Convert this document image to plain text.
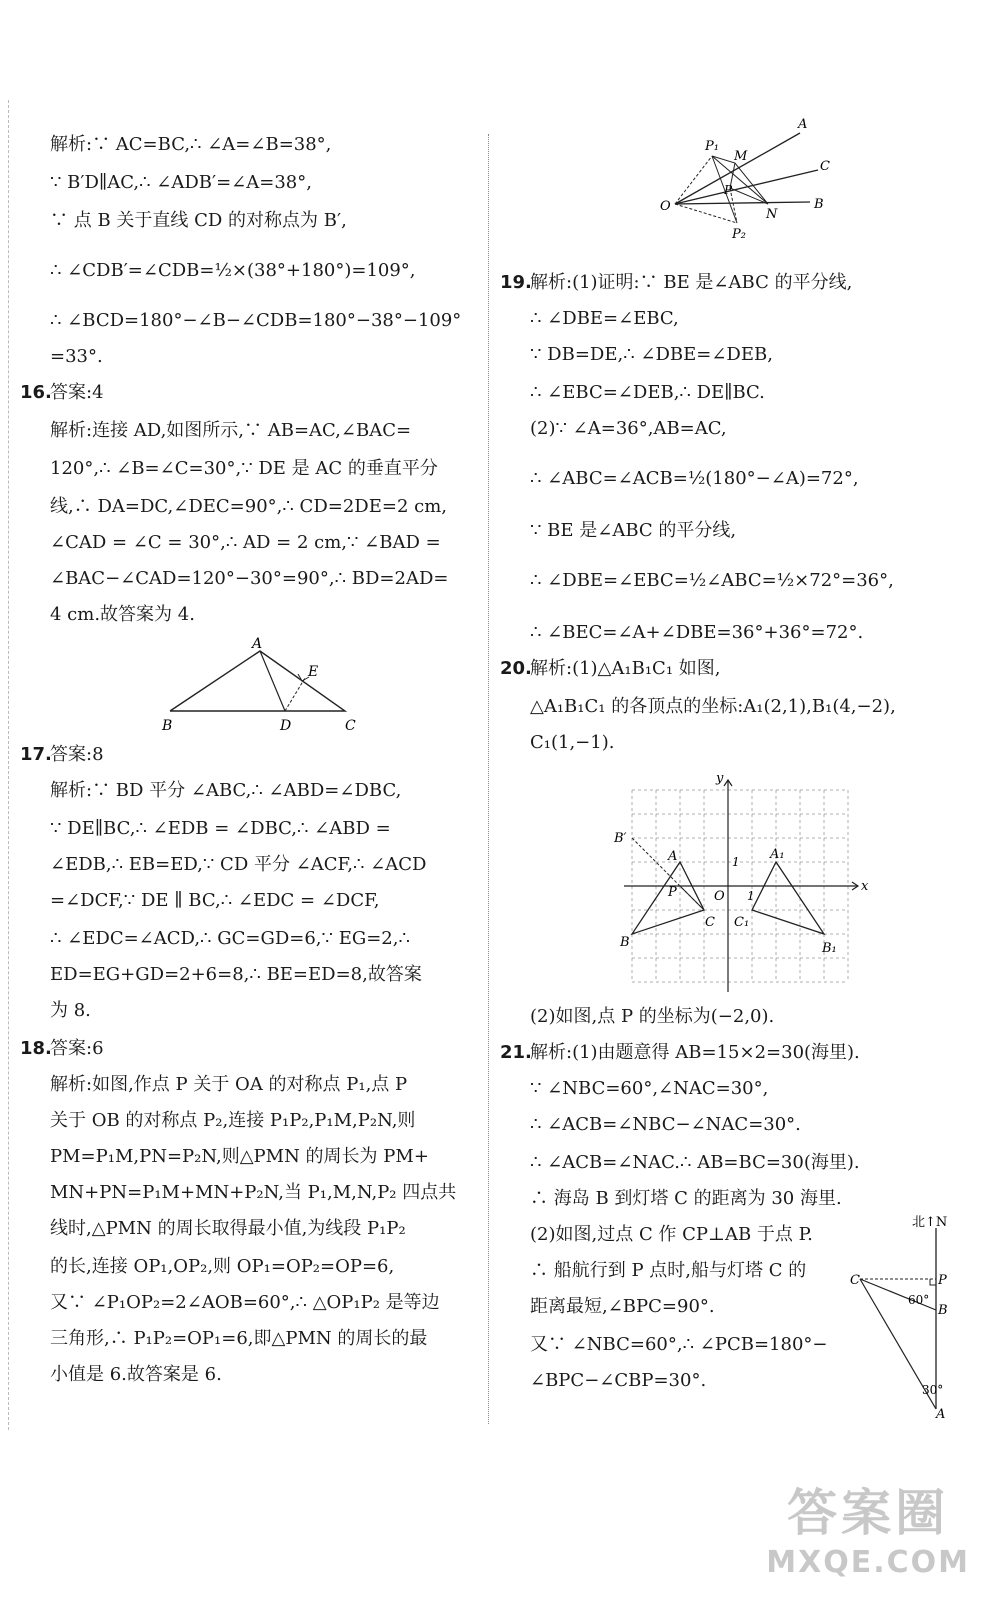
解析:∵ AC=BC,∴ ∠A=∠B=38°,
∵ B′D∥AC,∴ ∠ADB′=∠A=38°,
∵ 点 B 关于直线 CD 的对称点为 B′,
∴ ∠CDB′=∠CDB=½×(38°+180°)=109°,
∴ ∠BCD=180°−∠B−∠CDB=180°−38°−109°
=33°.
16.
答案:4
解析:连接 AD,如图所示,∵ AB=AC,∠BAC=
120°,∴ ∠B=∠C=30°,∵ DE 是 AC 的垂直平分
线,∴ DA=DC,∠DEC=90°,∴ CD=2DE=2 cm,
∠CAD = ∠C = 30°,∴ AD = 2 cm,∵ ∠BAD =
∠BAC−∠CAD=120°−30°=90°,∴ BD=2AD=
4 cm.故答案为 4.
A
B	C
D
E
17.
答案:8
解析:∵ BD 平分 ∠ABC,∴ ∠ABD=∠DBC,
∵ DE∥BC,∴ ∠EDB = ∠DBC,∴ ∠ABD =
∠EDB,∴ EB=ED,∵ CD 平分 ∠ACF,∴ ∠ACD
=∠DCF,∵ DE ∥ BC,∴ ∠EDC = ∠DCF,
∴ ∠EDC=∠ACD,∴ GC=GD=6,∵ EG=2,∴
ED=EG+GD=2+6=8,∴ BE=ED=8,故答案
为 8.
18.
答案:6
解析:如图,作点 P 关于 OA 的对称点 P₁,点 P
关于 OB 的对称点 P₂,连接 P₁P₂,P₁M,P₂N,则
PM=P₁M,PN=P₂N,则△PMN 的周长为 PM+
MN+PN=P₁M+MN+P₂N,当 P₁,M,N,P₂ 四点共
线时,△PMN 的周长取得最小值,为线段 P₁P₂
的长,连接 OP₁,OP₂,则 OP₁=OP₂=OP=6,
又∵ ∠P₁OP₂=2∠AOB=60°,∴ △OP₁P₂ 是等边
三角形,∴ P₁P₂=OP₁=6,即△PMN 的周长的最
小值是 6.故答案是 6.
O
A
C
B
P₁
M
P
N
P₂
19.
解析:(1)证明:∵ BE 是∠ABC 的平分线,
∴ ∠DBE=∠EBC,
∵ DB=DE,∴ ∠DBE=∠DEB,
∴ ∠EBC=∠DEB,∴ DE∥BC.
(2)∵ ∠A=36°,AB=AC,
∴ ∠ABC=∠ACB=½(180°−∠A)=72°,
∵ BE 是∠ABC 的平分线,
∴ ∠DBE=∠EBC=½∠ABC=½×72°=36°,
∴ ∠BEC=∠A+∠DBE=36°+36°=72°.
20.
解析:(1)△A₁B₁C₁ 如图,
△A₁B₁C₁ 的各顶点的坐标:A₁(2,1),B₁(4,−2),
C₁(1,−1).
x
y
O 1
1
A
B
C
A₁
B₁
C₁
B′
P
(2)如图,点 P 的坐标为(−2,0).
21.
解析:(1)由题意得 AB=15×2=30(海里).
∵ ∠NBC=60°,∠NAC=30°,
∴ ∠ACB=∠NBC−∠NAC=30°.
∴ ∠ACB=∠NAC.∴ AB=BC=30(海里).
∴ 海岛 B 到灯塔 C 的距离为 30 海里.
(2)如图,过点 C 作 CP⊥AB 于点 P.
∴ 船航行到 P 点时,船与灯塔 C 的
距离最短,∠BPC=90°.
又∵ ∠NBC=60°,∴ ∠PCB=180°−
∠BPC−∠CBP=30°.
北↑N
C	P
B
A
60°
30°
答案圈
MXQE.COM
